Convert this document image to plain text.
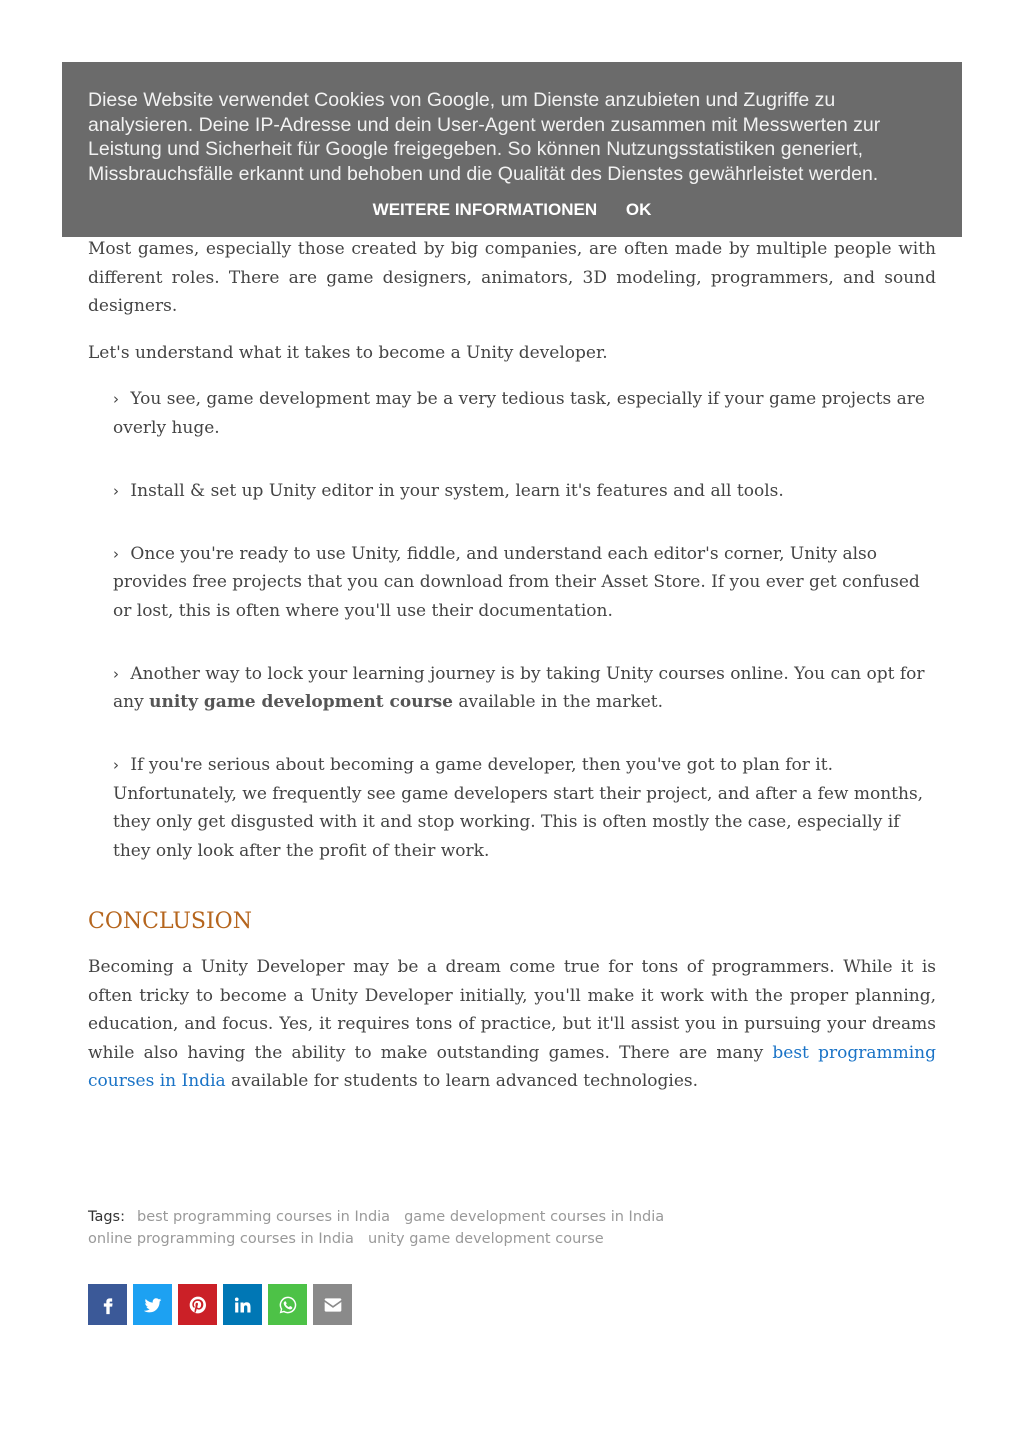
Diese Website verwendet Cookies von Google, um Dienste anzubieten und Zugriffe zu analysieren. Deine IP-Adresse und dein User-Agent werden zusammen mit Messwerten zur Leistung und Sicherheit für Google freigegeben. So können Nutzungsstatistiken generiert, Missbrauchsfälle erkannt und behoben und die Qualität des Dienstes gewährleistet werden.

WEITERE INFORMATIONEN OK

Most games, especially those created by big companies, are often made by multiple people with different roles. There are game designers, animators, 3D modeling, programmers, and sound designers.

Let's understand what it takes to become a Unity developer.

› You see, game development may be a very tedious task, especially if your game projects are overly huge.
› Install & set up Unity editor in your system, learn it's features and all tools.
› Once you're ready to use Unity, fiddle, and understand each editor's corner, Unity also provides free projects that you can download from their Asset Store. If you ever get confused or lost, this is often where you'll use their documentation.
› Another way to lock your learning journey is by taking Unity courses online. You can opt for any unity game development course available in the market.
› If you're serious about becoming a game developer, then you've got to plan for it. Unfortunately, we frequently see game developers start their project, and after a few months, they only get disgusted with it and stop working. This is often mostly the case, especially if they only look after the profit of their work.
CONCLUSION

Becoming a Unity Developer may be a dream come true for tons of programmers. While it is often tricky to become a Unity Developer initially, you'll make it work with the proper planning, education, and focus. Yes, it requires tons of practice, but it'll assist you in pursuing your dreams while also having the ability to make outstanding games. There are many best programming courses in India available for students to learn advanced technologies.

Tags: best programming courses in India game development courses in India
online programming courses in India unity game development course
